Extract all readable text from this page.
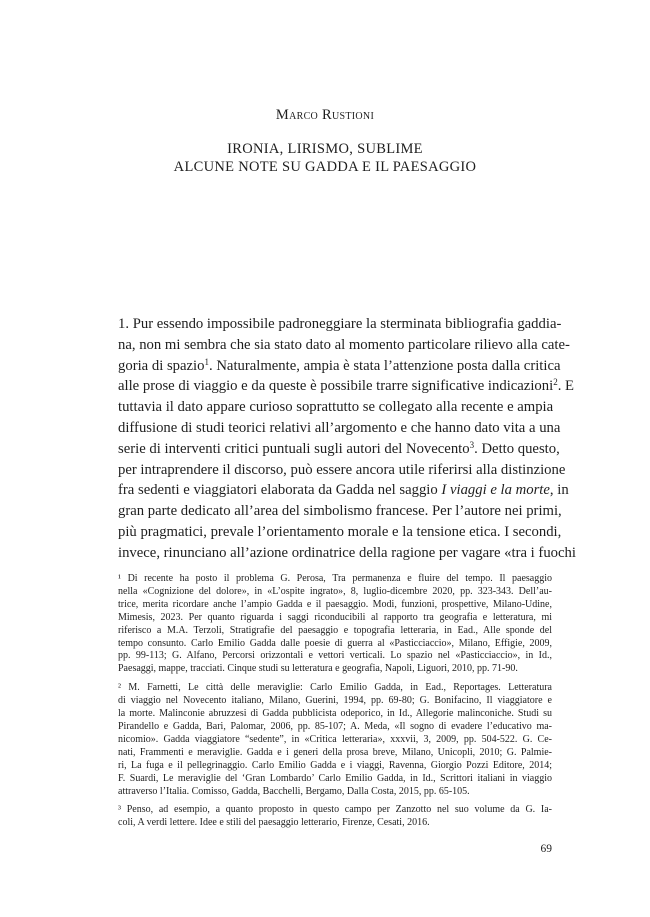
Marco Rustioni
IRONIA, LIRISMO, SUBLIME
ALCUNE NOTE SU GADDA E IL PAESAGGIO
1. Pur essendo impossibile padroneggiare la sterminata bibliografia gaddia-
na, non mi sembra che sia stato dato al momento particolare rilievo alla cate-
goria di spazio$^1$. Naturalmente, ampia è stata l’attenzione posta dalla critica
alle prose di viaggio e da queste è possibile trarre significative indicazioni$^2$. E
tuttavia il dato appare curioso soprattutto se collegato alla recente e ampia
diffusione di studi teorici relativi all’argomento e che hanno dato vita a una
serie di interventi critici puntuali sugli autori del Novecento$^3$. Detto questo,
per intraprendere il discorso, può essere ancora utile riferirsi alla distinzione
fra sedenti e viaggiatori elaborata da Gadda nel saggio I viaggi e la morte, in
gran parte dedicato all’area del simbolismo francese. Per l’autore nei primi,
più pragmatici, prevale l’orientamento morale e la tensione etica. I secondi,
invece, rinunciano all’azione ordinatrice della ragione per vagare «tra i fuochi
¹ Di recente ha posto il problema G. Perosa, Tra permanenza e fluire del tempo. Il paesaggio
nella «Cognizione del dolore», in «L’ospite ingrato», 8, luglio-dicembre 2020, pp. 323-343. Dell’au-
trice, merita ricordare anche l’ampio Gadda e il paesaggio. Modi, funzioni, prospettive, Milano-Udine,
Mimesis, 2023. Per quanto riguarda i saggi riconducibili al rapporto tra geografia e letteratura, mi
riferisco a M.A. Terzoli, Stratigrafie del paesaggio e topografia letteraria, in Ead., Alle sponde del
tempo consunto. Carlo Emilio Gadda dalle poesie di guerra al «Pasticciaccio», Milano, Effigie, 2009,
pp. 99-113; G. Alfano, Percorsi orizzontali e vettori verticali. Lo spazio nel «Pasticciaccio», in Id.,
Paesaggi, mappe, tracciati. Cinque studi su letteratura e geografia, Napoli, Liguori, 2010, pp. 71-90.
² M. Farnetti, Le città delle meraviglie: Carlo Emilio Gadda, in Ead., Reportages. Letteratura
di viaggio nel Novecento italiano, Milano, Guerini, 1994, pp. 69-80; G. Bonifacino, Il viaggiatore e
la morte. Malinconie abruzzesi di Gadda pubblicista odeporico, in Id., Allegorie malinconiche. Studi su
Pirandello e Gadda, Bari, Palomar, 2006, pp. 85-107; A. Meda, «Il sogno di evadere l’educativo ma-
nicomio». Gadda viaggiatore “sedente”, in «Critica letteraria», xxxvii, 3, 2009, pp. 504-522. G. Ce-
nati, Frammenti e meraviglie. Gadda e i generi della prosa breve, Milano, Unicopli, 2010; G. Palmie-
ri, La fuga e il pellegrinaggio. Carlo Emilio Gadda e i viaggi, Ravenna, Giorgio Pozzi Editore, 2014;
F. Suardi, Le meraviglie del ‘Gran Lombardo’ Carlo Emilio Gadda, in Id., Scrittori italiani in viaggio
attraverso l’Italia. Comisso, Gadda, Bacchelli, Bergamo, Dalla Costa, 2015, pp. 65-105.
³ Penso, ad esempio, a quanto proposto in questo campo per Zanzotto nel suo volume da G. Ia-
coli, A verdi lettere. Idee e stili del paesaggio letterario, Firenze, Cesati, 2016.
69
